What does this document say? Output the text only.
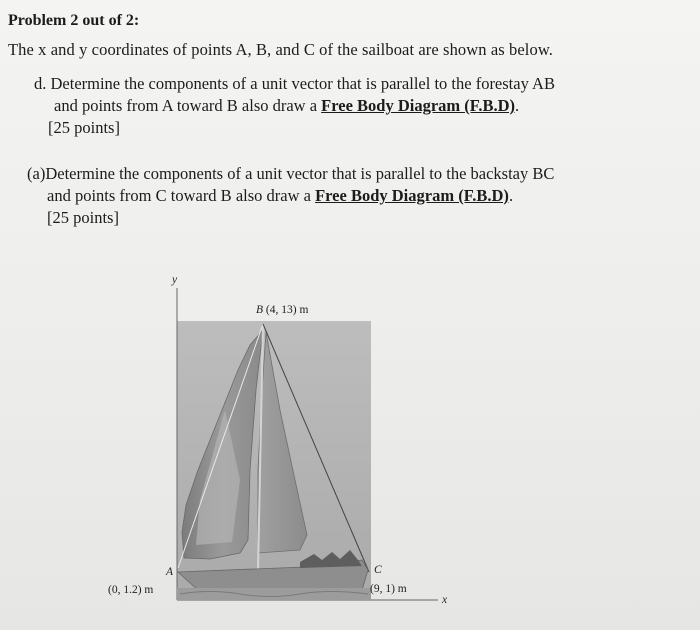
Problem 2 out of 2:
The x and y coordinates of points A, B, and C of the sailboat are shown as below.
d. Determine the components of a unit vector that is parallel to the forestay AB
and points from A toward B also draw a Free Body Diagram (F.B.D).
[25 points]
(a)Determine the components of a unit vector that is parallel to the backstay BC
and points from C toward B also draw a Free Body Diagram (F.B.D).
[25 points]
y
x
B (4, 13) m
A
(0, 1.2) m
C
(9, 1) m
